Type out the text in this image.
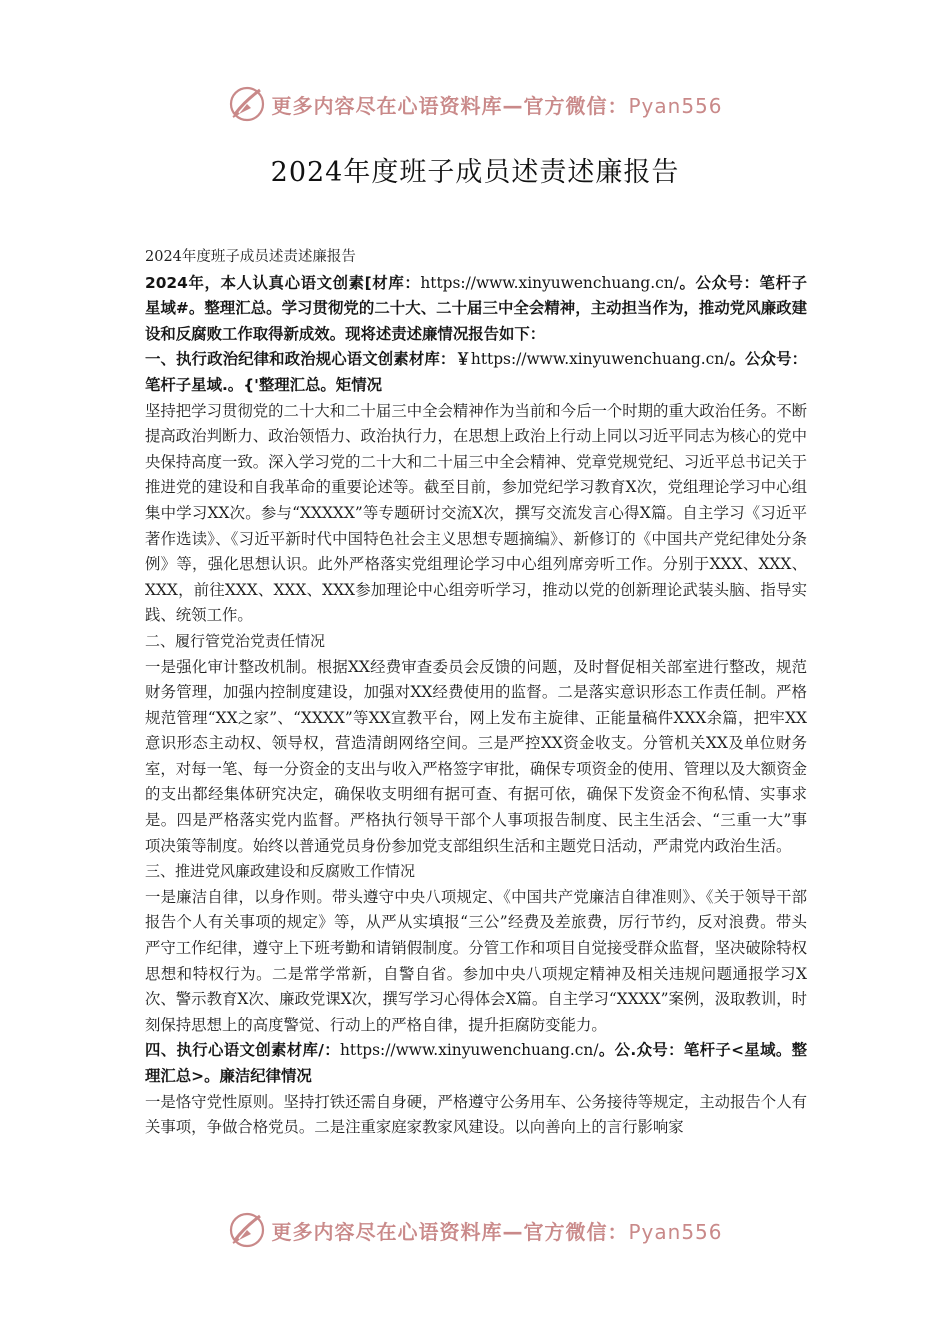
更多内容尽在心语资料库—官方微信：Pyan556
2024年度班子成员述责述廉报告

2024年度班子成员述责述廉报告

2024年，本人认真心语文创素[材库：https://www.xinyuwenchuang.cn/。公众号：笔杆子星域#。整理汇总。学习贯彻党的二十大、二十届三中全会精神，主动担当作为，推动党风廉政建设和反腐败工作取得新成效。现将述责述廉情况报告如下：

一、执行政治纪律和政治规心语文创素材库：￥https://www.xinyuwenchuang.cn/。公众号：笔杆子星域.。{'整理汇总。矩情况

坚持把学习贯彻党的二十大和二十届三中全会精神作为当前和今后一个时期的重大政治任务。不断提高政治判断力、政治领悟力、政治执行力，在思想上政治上行动上同以习近平同志为核心的党中央保持高度一致。深入学习党的二十大和二十届三中全会精神、党章党规党纪、习近平总书记关于推进党的建设和自我革命的重要论述等。截至目前，参加党纪学习教育X次，党组理论学习中心组集中学习XX次。参与“XXXXX”等专题研讨交流X次，撰写交流发言心得X篇。自主学习《习近平著作选读》、《习近平新时代中国特色社会主义思想专题摘编》、新修订的《中国共产党纪律处分条例》等，强化思想认识。此外严格落实党组理论学习中心组列席旁听工作。分别于XXX、XXX、XXX，前往XXX、XXX、XXX参加理论中心组旁听学习，推动以党的创新理论武装头脑、指导实践、统领工作。

二、履行管党治党责任情况

一是强化审计整改机制。根据XX经费审查委员会反馈的问题，及时督促相关部室进行整改，规范财务管理，加强内控制度建设，加强对XX经费使用的监督。二是落实意识形态工作责任制。严格规范管理“XX之家”、“XXXX”等XX宣教平台，网上发布主旋律、正能量稿件XXX余篇，把牢XX意识形态主动权、领导权，营造清朗网络空间。三是严控XX资金收支。分管机关XX及单位财务室，对每一笔、每一分资金的支出与收入严格签字审批，确保专项资金的使用、管理以及大额资金的支出都经集体研究决定，确保收支明细有据可查、有据可依，确保下发资金不徇私情、实事求是。四是严格落实党内监督。严格执行领导干部个人事项报告制度、民主生活会、“三重一大”事项决策等制度。始终以普通党员身份参加党支部组织生活和主题党日活动，严肃党内政治生活。

三、推进党风廉政建设和反腐败工作情况

一是廉洁自律，以身作则。带头遵守中央八项规定、《中国共产党廉洁自律准则》、《关于领导干部报告个人有关事项的规定》等，从严从实填报“三公”经费及差旅费，厉行节约，反对浪费。带头严守工作纪律，遵守上下班考勤和请销假制度。分管工作和项目自觉接受群众监督，坚决破除特权思想和特权行为。二是常学常新，自警自省。参加中央八项规定精神及相关违规问题通报学习X次、警示教育X次、廉政党课X次，撰写学习心得体会X篇。自主学习“XXXX”案例，汲取教训，时刻保持思想上的高度警觉、行动上的严格自律，提升拒腐防变能力。

四、执行心语文创素材库/：https://www.xinyuwenchuang.cn/。公.众号：笔杆子<星域。整理汇总>。廉洁纪律情况

一是恪守党性原则。坚持打铁还需自身硬，严格遵守公务用车、公务接待等规定，主动报告个人有关事项，争做合格党员。二是注重家庭家教家风建设。以向善向上的言行影响家

更多内容尽在心语资料库—官方微信：Pyan556
